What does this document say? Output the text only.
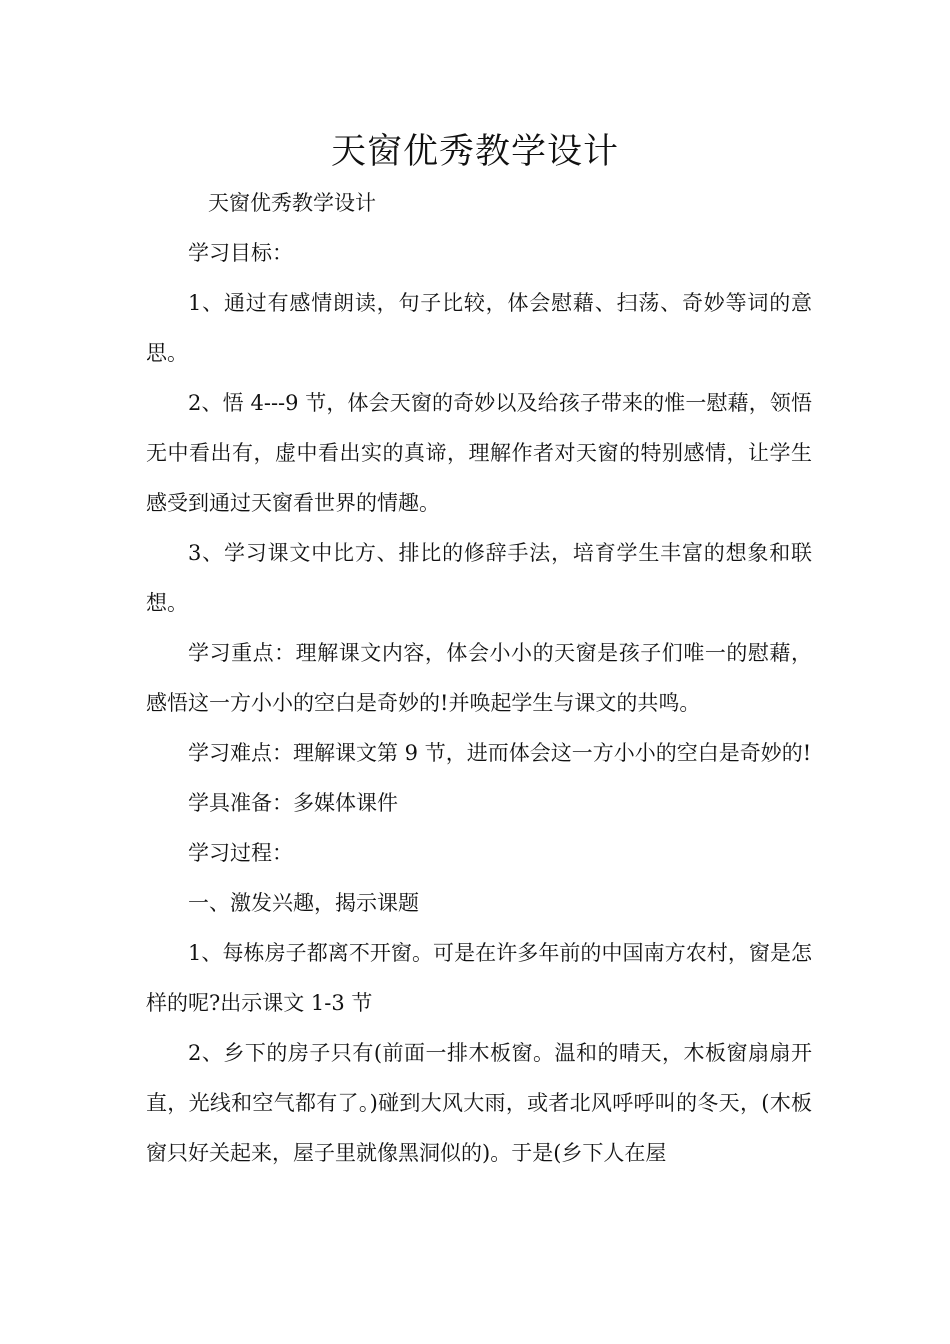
天窗优秀教学设计

天窗优秀教学设计

学习目标：

1、通过有感情朗读，句子比较，体会慰藉、扫荡、奇妙等词的意思。

2、悟 4---9 节，体会天窗的奇妙以及给孩子带来的惟一慰藉，领悟无中看出有，虚中看出实的真谛，理解作者对天窗的特别感情，让学生感受到通过天窗看世界的情趣。

3、学习课文中比方、排比的修辞手法，培育学生丰富的想象和联想。

学习重点：理解课文内容，体会小小的天窗是孩子们唯一的慰藉，感悟这一方小小的空白是奇妙的!并唤起学生与课文的共鸣。

学习难点：理解课文第 9 节，进而体会这一方小小的空白是奇妙的!

学具准备：多媒体课件

学习过程：

一、激发兴趣，揭示课题

1、每栋房子都离不开窗。可是在许多年前的中国南方农村，窗是怎样的呢?出示课文 1-3 节

2、乡下的房子只有(前面一排木板窗。温和的晴天，木板窗扇扇开直，光线和空气都有了。)碰到大风大雨，或者北风呼呼叫的冬天，(木板窗只好关起来，屋子里就像黑洞似的)。于是(乡下人在屋
